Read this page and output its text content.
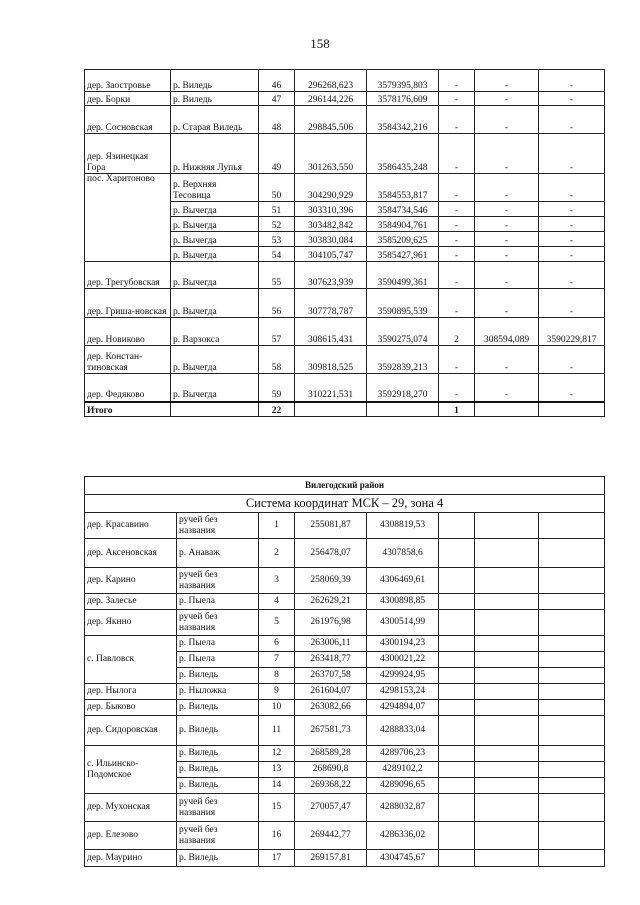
158
дер. Заостровье	р. Виледь	46	296268,623	3579395,803	-	-	-
дер. Борки	р. Виледь	47	296144,226	3578176,609	-	-	-
дер. Сосновская	р. Старая Виледь	48	298845,506	3584342,216	-	-	-
дер. Язинецкая Гора	р. Нижняя Лупья	49	301263,550	3586435,248	-	-	-
пос. Харитоново	р. Верхняя Тесовица	50	304290,929	3584553,817	-	-	-
	р. Вычегда	51	303310,396	3584734,546	-	-	-
	р. Вычегда	52	303482,842	3584904,761	-	-	-
	р. Вычегда	53	303830,084	3585209,625	-	-	-
	р. Вычегда	54	304105,747	3585427,961	-	-	-
дер. Трегубовская	р. Вычегда	55	307623,939	3590499,361	-	-	-
дер. Гриша-новская	р. Вычегда	56	307778,787	3590895,539	-	-	-
дер. Новиково	р. Варзокса	57	308615,431	3590275,074	2	308594,089	3590229,817
дер. Констан-тиновская	р. Вычегда	58	309818,525	3592839,213	-	-	-
дер. Федяково	р. Вычегда	59	310221,531	3592918,270	-	-	-
Итого		22			1		
Вилегодский район							
Система координат МСК – 29, зона 4							
дер. Красавино	ручей без названия	1	255081,87	4308819,53			
дер. Аксеновская	р. Анаваж	2	256478,07	4307858,6			
дер. Карино	ручей без названия	3	258069,39	4306469,61			
дер. Залесье	р. Пыела	4	262629,21	4300898,85			
дер. Якнно	ручей без названия	5	261976,98	4300514,99			
с. Павловск	р. Пыела	6	263006,11	4300194,23			
	р. Пыела	7	263418,77	4300021,22			
	р. Виледь	8	263707,58	4299924,95			
дер. Нылога	р. Ныложка	9	261604,07	4298153,24			
дер. Быково	р. Виледь	10	263082,66	4294894,07			
дер. Сидоровская	р. Виледь	11	267581,73	4288833,04			
с. Ильинско-Подомское	р. Виледь	12	268589,28	4289706,23			
	р. Виледь	13	268690,8	4289102,2			
	р. Виледь	14	269368,22	4289096,65			
дер. Мухонская	ручей без названия	15	270057,47	4288032,87			
дер. Елезово	ручей без названия	16	269442,77	4286336,02			
дер. Маурино	р. Виледь	17	269157,81	4304745,67			
